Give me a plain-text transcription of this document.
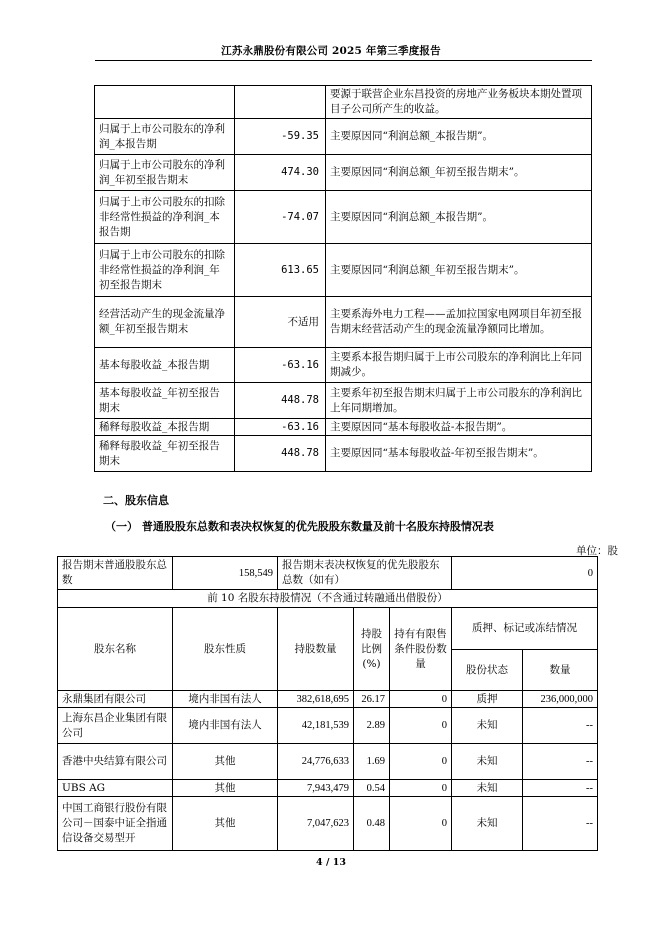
江苏永鼎股份有限公司 2025 年第三季度报告
		要源于联营企业东昌投资的房地产业务板块本期处置项目子公司所产生的收益。
归属于上市公司股东的净利润_本报告期	-59.35	主要原因同“利润总额_本报告期”。
归属于上市公司股东的净利润_年初至报告期末	474.30	主要原因同“利润总额_年初至报告期末”。
归属于上市公司股东的扣除非经常性损益的净利润_本报告期	-74.07	主要原因同“利润总额_本报告期”。
归属于上市公司股东的扣除非经常性损益的净利润_年初至报告期末	613.65	主要原因同“利润总额_年初至报告期末”。
经营活动产生的现金流量净额_年初至报告期末	不适用	主要系海外电力工程——孟加拉国家电网项目年初至报告期末经营活动产生的现金流量净额同比增加。
基本每股收益_本报告期	-63.16	主要系本报告期归属于上市公司股东的净利润比上年同期减少。
基本每股收益_年初至报告期末	448.78	主要系年初至报告期末归属于上市公司股东的净利润比上年同期增加。
稀释每股收益_本报告期	-63.16	主要原因同“基本每股收益-本报告期”。
稀释每股收益_年初至报告期末	448.78	主要原因同“基本每股收益-年初至报告期末”。
二、股东信息
（一） 普通股股东总数和表决权恢复的优先股股东数量及前十名股东持股情况表
单位：股
报告期末普通股股东总数	158,549	报告期末表决权恢复的优先股股东总数（如有）			0	
前 10 名股东持股情况（不含通过转融通出借股份）						
股东名称	股东性质	持股数量	持股比例(%)	持有有限售条件股份数量	质押、标记或冻结情况	
					股份状态	数量
永鼎集团有限公司	境内非国有法人	382,618,695	26.17	0	质押	236,000,000
上海东昌企业集团有限公司	境内非国有法人	42,181,539	2.89	0	未知	--
香港中央结算有限公司	其他	24,776,633	1.69	0	未知	--
UBS AG	其他	7,943,479	0.54	0	未知	--
中国工商银行股份有限公司－国泰中证全指通信设备交易型开	其他	7,047,623	0.48	0	未知	--
4 / 13
